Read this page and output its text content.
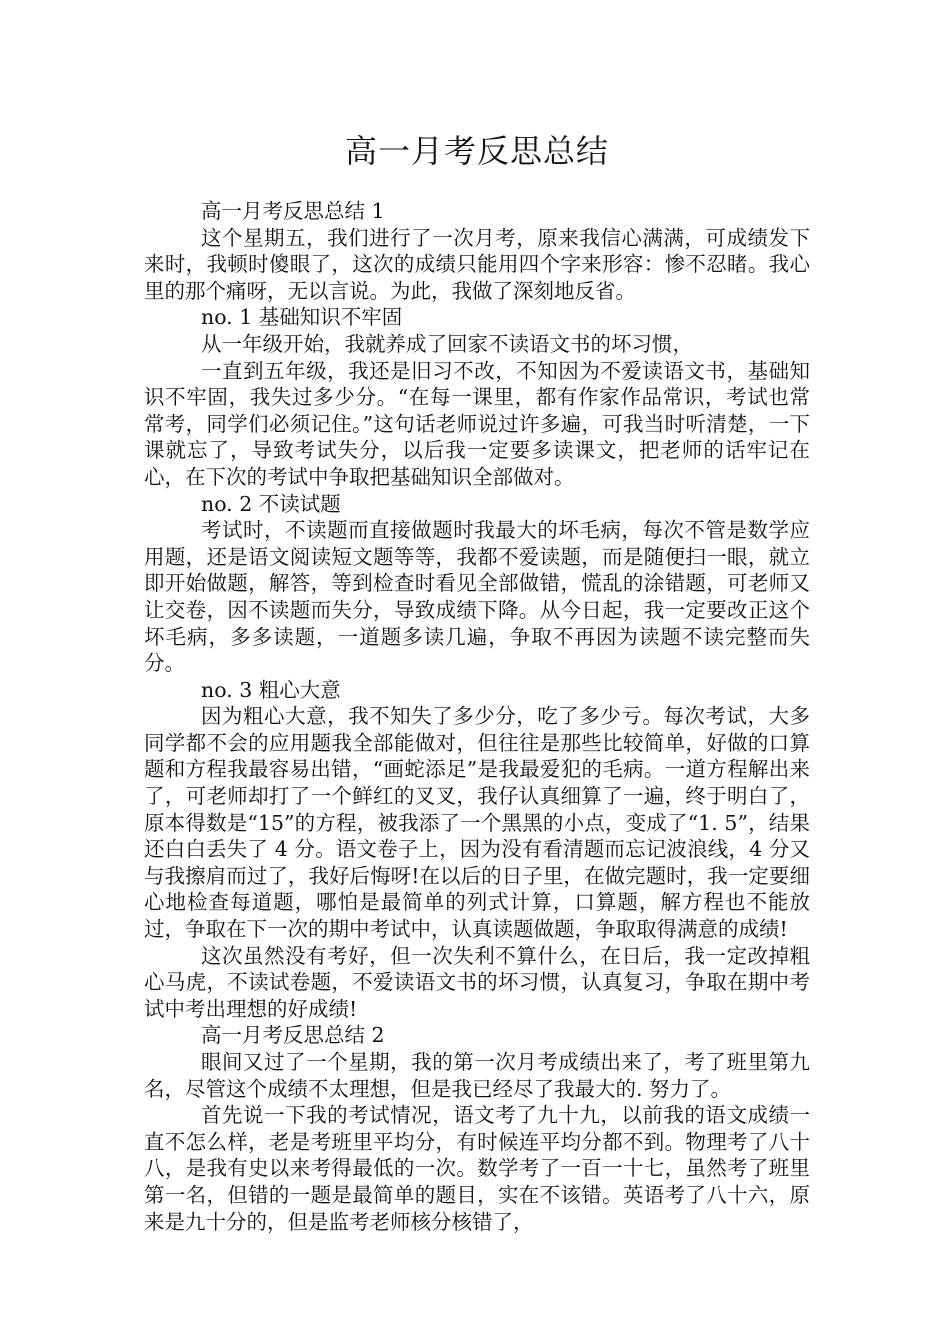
高一月考反思总结

高一月考反思总结 1

这个星期五，我们进行了一次月考，原来我信心满满，可成绩发下来时，我顿时傻眼了，这次的成绩只能用四个字来形容：惨不忍睹。我心里的那个痛呀，无以言说。为此，我做了深刻地反省。

no. 1 基础知识不牢固

从一年级开始，我就养成了回家不读语文书的坏习惯，

一直到五年级，我还是旧习不改，不知因为不爱读语文书，基础知识不牢固，我失过多少分。“在每一课里，都有作家作品常识，考试也常常考，同学们必须记住。”这句话老师说过许多遍，可我当时听清楚，一下课就忘了，导致考试失分，以后我一定要多读课文，把老师的话牢记在心，在下次的考试中争取把基础知识全部做对。

no. 2 不读试题

考试时，不读题而直接做题时我最大的坏毛病，每次不管是数学应用题，还是语文阅读短文题等等，我都不爱读题，而是随便扫一眼，就立即开始做题，解答，等到检查时看见全部做错，慌乱的涂错题，可老师又让交卷，因不读题而失分，导致成绩下降。从今日起，我一定要改正这个坏毛病，多多读题，一道题多读几遍，争取不再因为读题不读完整而失分。

no. 3 粗心大意

因为粗心大意，我不知失了多少分，吃了多少亏。每次考试，大多同学都不会的应用题我全部能做对，但往往是那些比较简单，好做的口算题和方程我最容易出错，“画蛇添足”是我最爱犯的毛病。一道方程解出来了，可老师却打了一个鲜红的叉叉，我仔认真细算了一遍，终于明白了，原本得数是“15”的方程，被我添了一个黑黑的小点，变成了“1. 5”，结果还白白丢失了 4 分。语文卷子上，因为没有看清题而忘记波浪线，4 分又与我擦肩而过了，我好后悔呀!在以后的日子里，在做完题时，我一定要细心地检查每道题，哪怕是最简单的列式计算，口算题，解方程也不能放过，争取在下一次的期中考试中，认真读题做题，争取取得满意的成绩!

这次虽然没有考好，但一次失利不算什么，在日后，我一定改掉粗心马虎，不读试卷题，不爱读语文书的坏习惯，认真复习，争取在期中考试中考出理想的好成绩!

高一月考反思总结 2

眼间又过了一个星期，我的第一次月考成绩出来了，考了班里第九名，尽管这个成绩不太理想，但是我已经尽了我最大的. 努力了。

首先说一下我的考试情况，语文考了九十九，以前我的语文成绩一直不怎么样，老是考班里平均分，有时候连平均分都不到。物理考了八十八，是我有史以来考得最低的一次。数学考了一百一十七，虽然考了班里第一名，但错的一题是最简单的题目，实在不该错。英语考了八十六，原来是九十分的，但是监考老师核分核错了，
